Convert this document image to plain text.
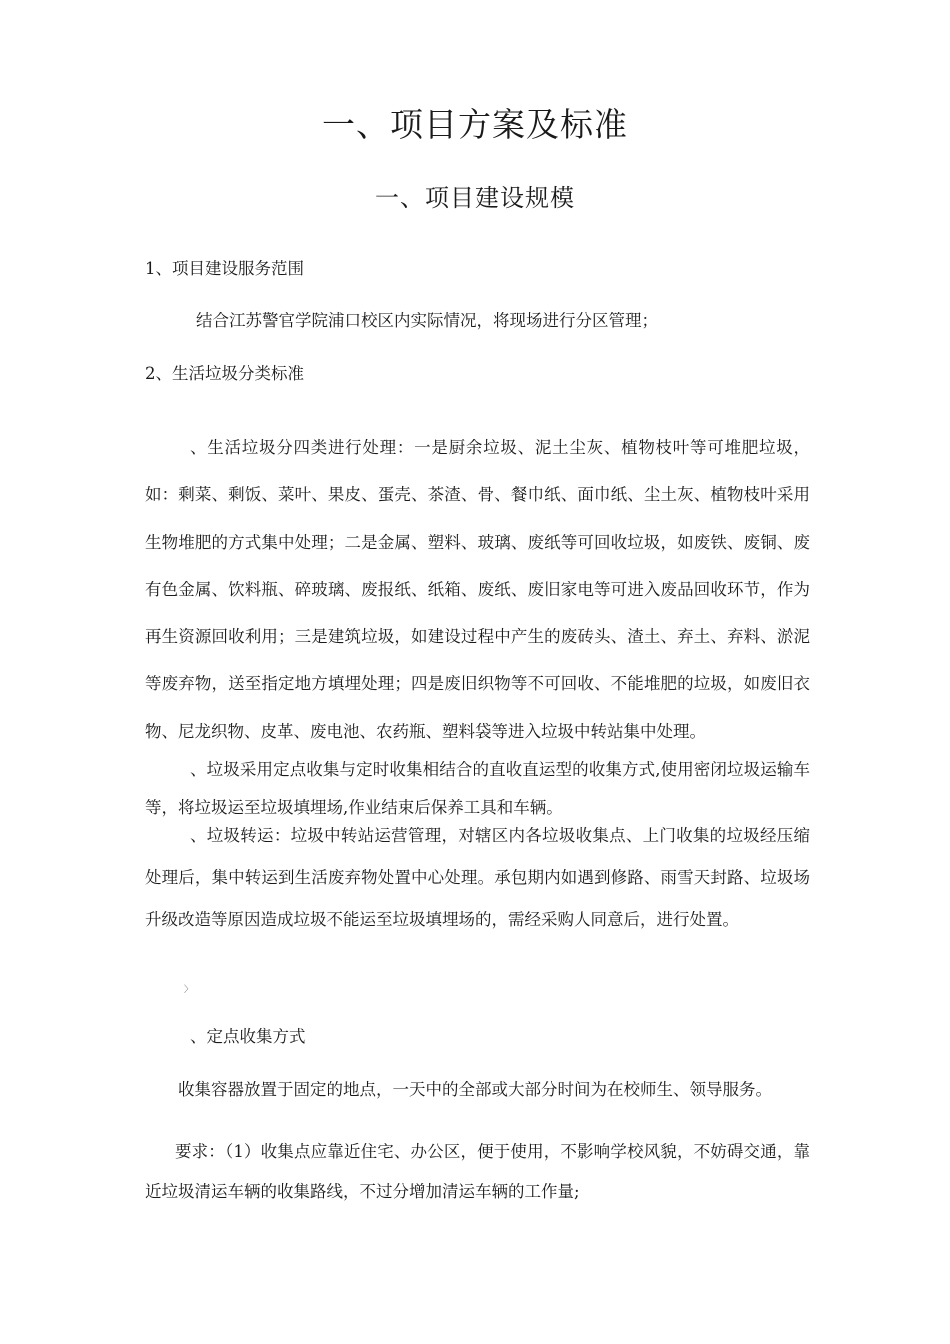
一、项目方案及标准
一、项目建设规模

1、项目建设服务范围

结合江苏警官学院浦口校区内实际情况，将现场进行分区管理；

2、生活垃圾分类标准

、生活垃圾分四类进行处理：一是厨余垃圾、泥土尘灰、植物枝叶等可堆肥垃圾，如：剩菜、剩饭、菜叶、果皮、蛋壳、茶渣、骨、餐巾纸、面巾纸、尘土灰、植物枝叶采用生物堆肥的方式集中处理；二是金属、塑料、玻璃、废纸等可回收垃圾，如废铁、废铜、废有色金属、饮料瓶、碎玻璃、废报纸、纸箱、废纸、废旧家电等可进入废品回收环节，作为再生资源回收利用；三是建筑垃圾，如建设过程中产生的废砖头、渣土、弃土、弃料、淤泥等废弃物，送至指定地方填埋处理；四是废旧织物等不可回收、不能堆肥的垃圾，如废旧衣物、尼龙织物、皮革、废电池、农药瓶、塑料袋等进入垃圾中转站集中处理。

、垃圾采用定点收集与定时收集相结合的直收直运型的收集方式,使用密闭垃圾运输车等，将垃圾运至垃圾填埋场,作业结束后保养工具和车辆。

、垃圾转运：垃圾中转站运营管理，对辖区内各垃圾收集点、上门收集的垃圾经压缩处理后，集中转运到生活废弃物处置中心处理。承包期内如遇到修路、雨雪天封路、垃圾场升级改造等原因造成垃圾不能运至垃圾填埋场的，需经采购人同意后，进行处置。

〉

、定点收集方式

收集容器放置于固定的地点，一天中的全部或大部分时间为在校师生、领导服务。

要求：（1）收集点应靠近住宅、办公区，便于使用，不影响学校风貌，不妨碍交通，靠近垃圾清运车辆的收集路线，不过分增加清运车辆的工作量;
